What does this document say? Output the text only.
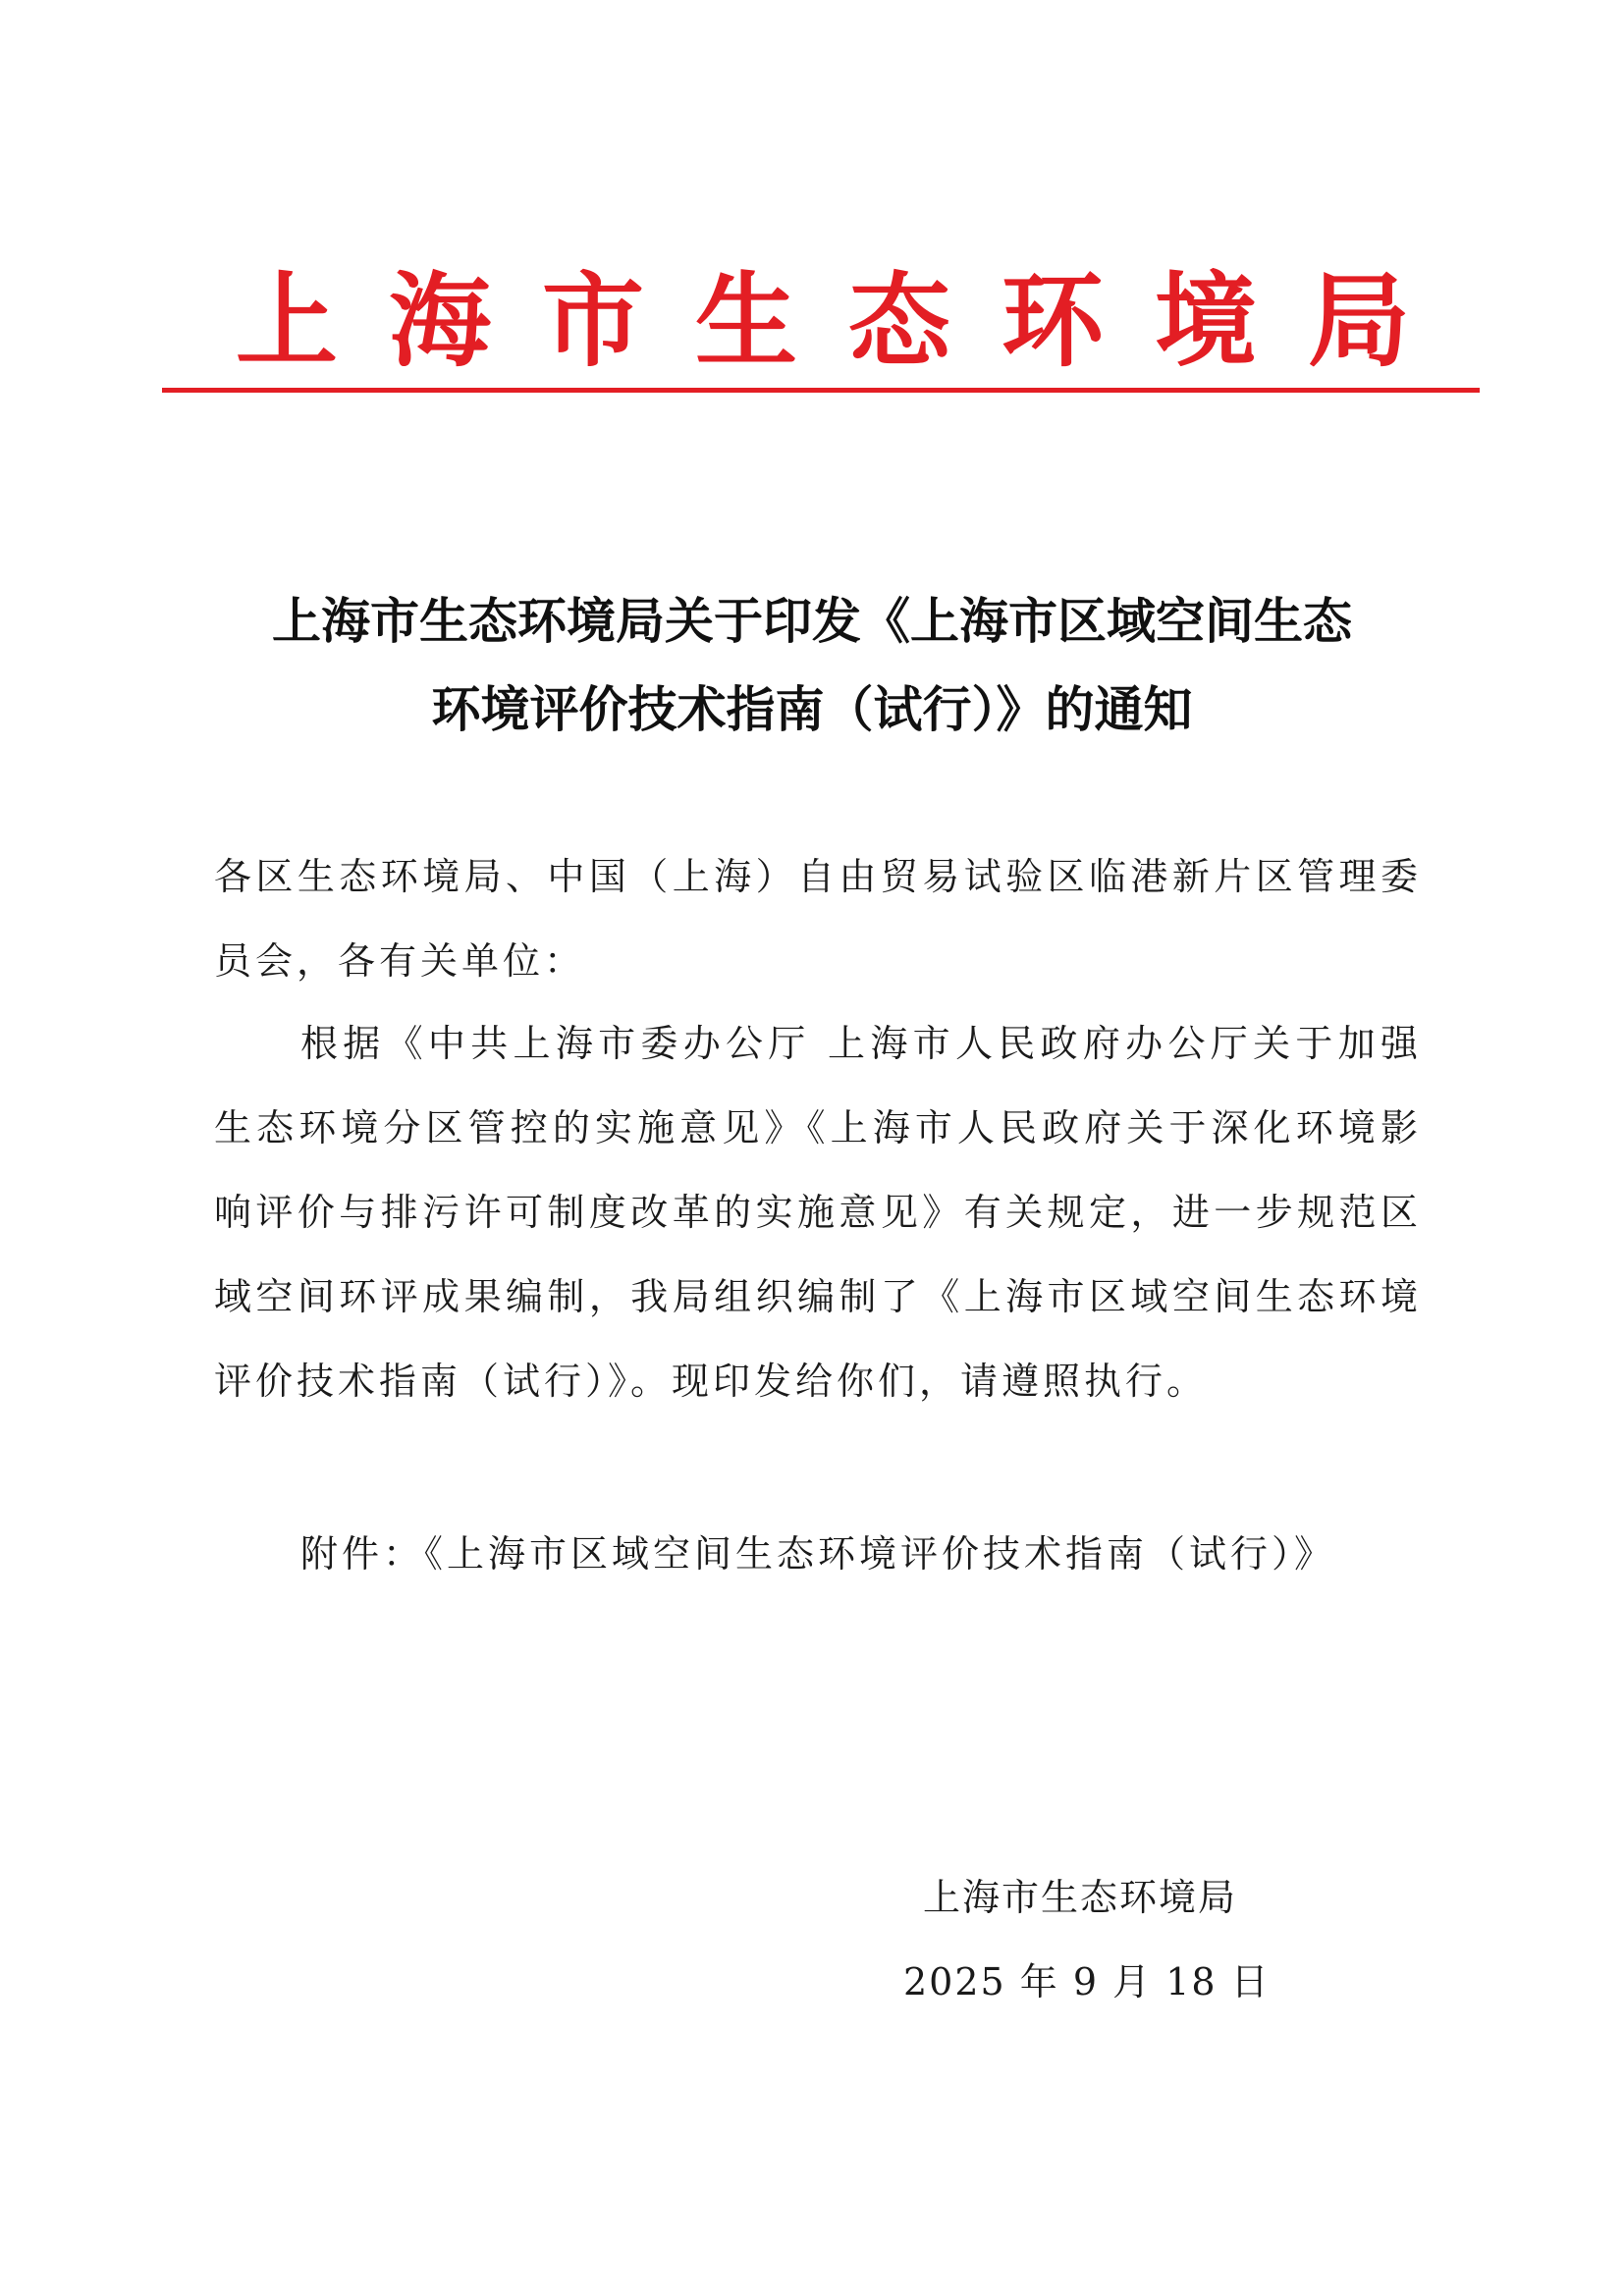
上海市生态环境局
上海市生态环境局关于印发《上海市区域空间生态
环境评价技术指南（试行）》的通知
各区生态环境局、中国（上海）自由贸易试验区临港新片区管理委员会，各有关单位：
根据《中共上海市委办公厅 上海市人民政府办公厅关于加强生态环境分区管控的实施意见》《上海市人民政府关于深化环境影响评价与排污许可制度改革的实施意见》有关规定，进一步规范区域空间环评成果编制，我局组织编制了《上海市区域空间生态环境评价技术指南（试行）》。现印发给你们，请遵照执行。
附件：《上海市区域空间生态环境评价技术指南（试行）》
上海市生态环境局
2025 年 9 月 18 日
